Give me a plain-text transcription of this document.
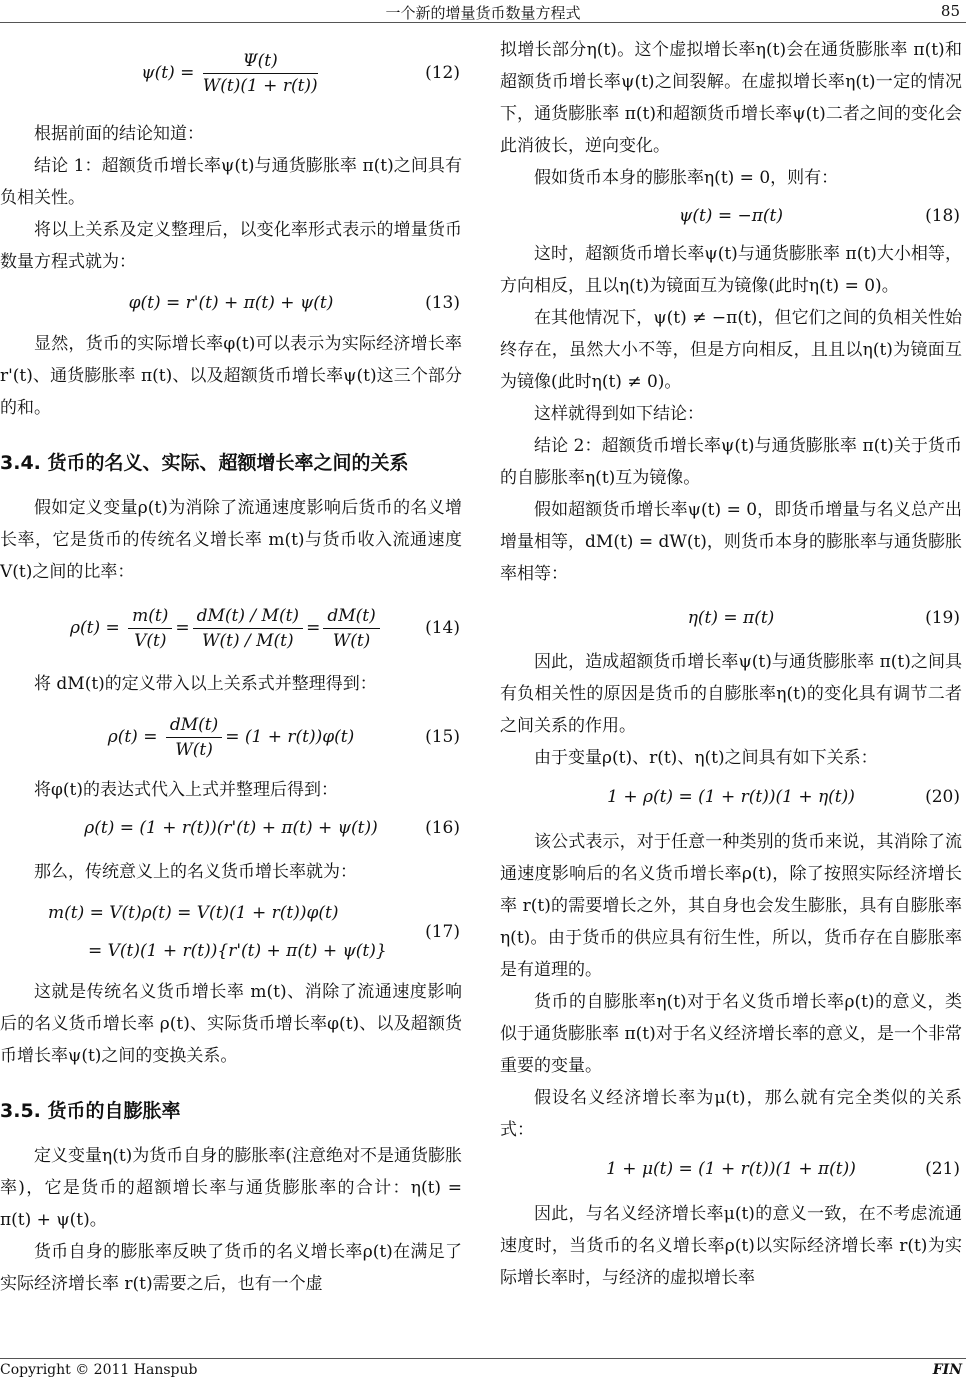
一个新的增量货币数量方程式	85
$\psi(t) = \frac{\Psi(t)}{W(t)(1 + r(t))}$	(12)

根据前面的结论知道：

结论 1：超额货币增长率ψ(t)与通货膨胀率 π(t)之间具有负相关性。

将以上关系及定义整理后，以变化率形式表示的增量货币数量方程式就为：

φ(t) = r'(t) + π(t) + ψ(t)	(13)

显然，货币的实际增长率φ(t)可以表示为实际经济增长率 r'(t)、通货膨胀率 π(t)、以及超额货币增长率ψ(t)这三个部分的和。

3.4. 货币的名义、实际、超额增长率之间的关系

假如定义变量ρ(t)为消除了流通速度影响后货币的名义增长率，它是货币的传统名义增长率 m(t)与货币收入流通速度 V(t)之间的比率：

$\rho(t) = \frac{m(t)}{V(t)} = \frac{dM(t) / M(t)}{W(t) / M(t)} = \frac{dM(t)}{W(t)}$	(14)

将 dM(t)的定义带入以上关系式并整理得到：

$\rho(t) = \frac{dM(t)}{W(t)} = (1 + r(t))\varphi(t)$	(15)

将φ(t)的表达式代入上式并整理后得到：

ρ(t) = (1 + r(t))(r'(t) + π(t) + ψ(t))	(16)

那么，传统意义上的名义货币增长率就为：

m(t) = V(t)ρ(t) = V(t)(1 + r(t))φ(t)
= V(t)(1 + r(t)){r'(t) + π(t) + ψ(t)}
(17)

这就是传统名义货币增长率 m(t)、消除了流通速度影响后的名义货币增长率 ρ(t)、实际货币增长率φ(t)、以及超额货币增长率ψ(t)之间的变换关系。

3.5. 货币的自膨胀率

定义变量η(t)为货币自身的膨胀率(注意绝对不是通货膨胀率)，它是货币的超额增长率与通货膨胀率的合计：η(t) = π(t) + ψ(t)。

货币自身的膨胀率反映了货币的名义增长率ρ(t)在满足了实际经济增长率 r(t)需要之后，也有一个虚

拟增长部分η(t)。这个虚拟增长率η(t)会在通货膨胀率 π(t)和超额货币增长率ψ(t)之间裂解。在虚拟增长率η(t)一定的情况下，通货膨胀率 π(t)和超额货币增长率ψ(t)二者之间的变化会此消彼长，逆向变化。

假如货币本身的膨胀率η(t) = 0，则有：

ψ(t) = −π(t)	(18)

这时，超额货币增长率ψ(t)与通货膨胀率 π(t)大小相等，方向相反，且以η(t)为镜面互为镜像(此时η(t) = 0)。

在其他情况下，ψ(t) ≠ −π(t)，但它们之间的负相关性始终存在，虽然大小不等，但是方向相反，且且以η(t)为镜面互为镜像(此时η(t) ≠ 0)。

这样就得到如下结论：

结论 2：超额货币增长率ψ(t)与通货膨胀率 π(t)关于货币的自膨胀率η(t)互为镜像。

假如超额货币增长率ψ(t) = 0，即货币增量与名义总产出增量相等，dM(t) = dW(t)，则货币本身的膨胀率与通货膨胀率相等：

η(t) = π(t)	(19)

因此，造成超额货币增长率ψ(t)与通货膨胀率 π(t)之间具有负相关性的原因是货币的自膨胀率η(t)的变化具有调节二者之间关系的作用。

由于变量ρ(t)、r(t)、η(t)之间具有如下关系：

1 + ρ(t) = (1 + r(t))(1 + η(t))	(20)

该公式表示，对于任意一种类别的货币来说，其消除了流通速度影响后的名义货币增长率ρ(t)，除了按照实际经济增长率 r(t)的需要增长之外，其自身也会发生膨胀，具有自膨胀率η(t)。由于货币的供应具有衍生性，所以，货币存在自膨胀率是有道理的。

货币的自膨胀率η(t)对于名义货币增长率ρ(t)的意义，类似于通货膨胀率 π(t)对于名义经济增长率的意义，是一个非常重要的变量。

假设名义经济增长率为μ(t)，那么就有完全类似的关系式：

1 + μ(t) = (1 + r(t))(1 + π(t))	(21)

因此，与名义经济增长率μ(t)的意义一致，在不考虑流通速度时，当货币的名义增长率ρ(t)以实际经济增长率 r(t)为实际增长率时，与经济的虚拟增长率

Copyright © 2011 Hanspub	FIN
